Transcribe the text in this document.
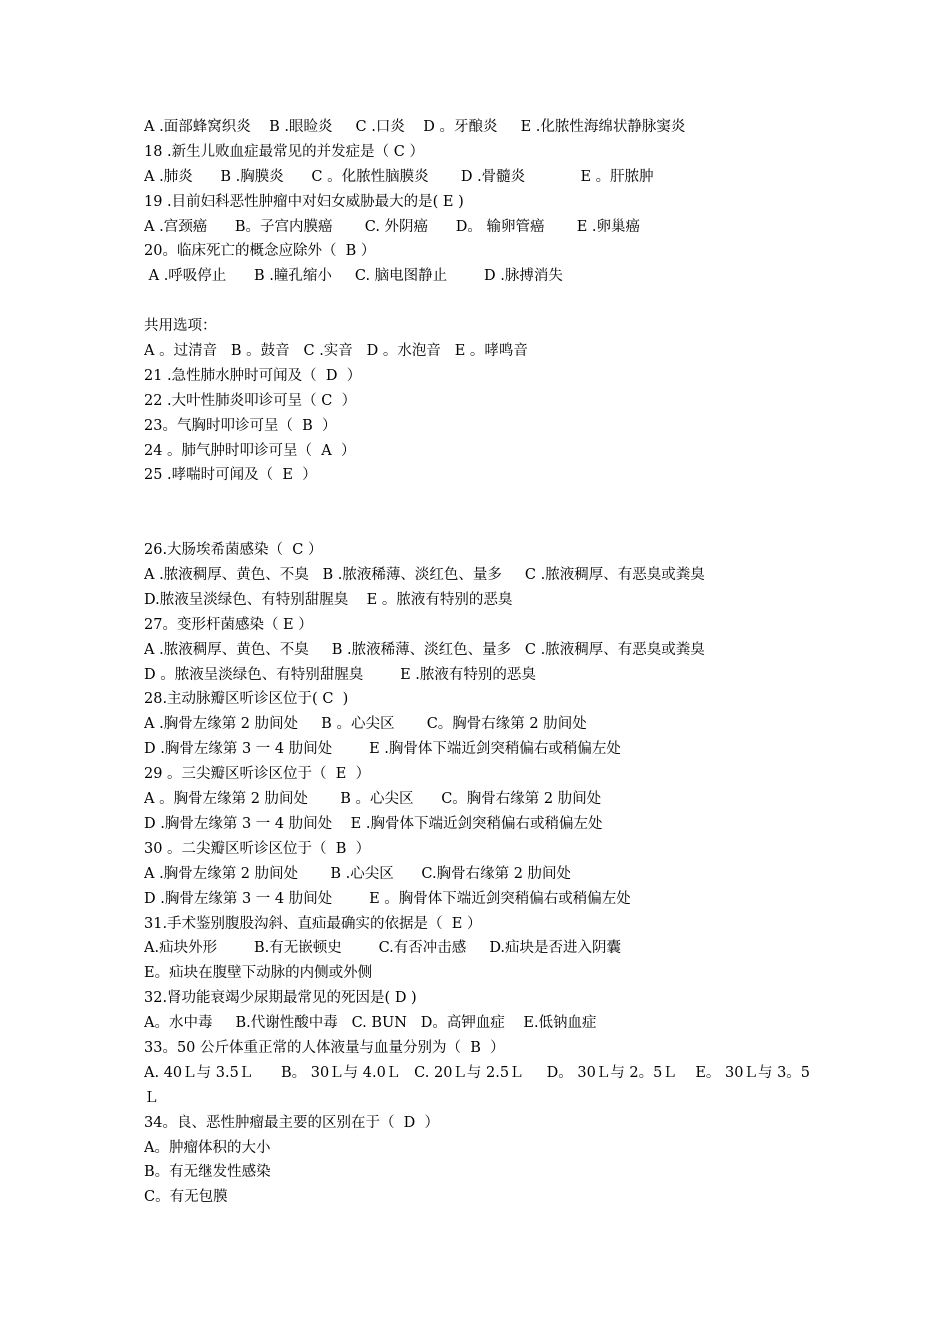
A .面部蜂窝织炎    B .眼睑炎     C .口炎    D 。牙酿炎     E .化脓性海绵状静脉窦炎
18 .新生儿败血症最常见的并发症是（ C ）
A .肺炎      B .胸膜炎      C 。化脓性脑膜炎       D .骨髓炎            E 。肝脓肿
19 .目前妇科恶性肿瘤中对妇女威胁最大的是( E )
A .宫颈癌      B。子宫内膜癌       C. 外阴癌      D。 输卵管癌       E .卵巢癌
20。临床死亡的概念应除外（  B ）
A .呼吸停止      B .瞳孔缩小     C. 脑电图静止        D .脉搏消失
共用选项：
A 。过清音   B 。鼓音   C .实音   D 。水泡音   E 。哮鸣音
21 .急性肺水肿时可闻及（  D  ）
22 .大叶性肺炎叩诊可呈（ C  ）
23。气胸时叩诊可呈（  B  ）
24 。肺气肿时叩诊可呈（  A  ）
25 .哮喘时可闻及（  E  ）
26.大肠埃希菌感染（  C ）
A .脓液稠厚、黄色、不臭   B .脓液稀薄、淡红色、量多     C .脓液稠厚、有恶臭或粪臭
D.脓液呈淡绿色、有特别甜腥臭    E 。脓液有特别的恶臭
27。变形杆菌感染（ E ）
A .脓液稠厚、黄色、不臭     B .脓液稀薄、淡红色、量多   C .脓液稠厚、有恶臭或粪臭
D 。脓液呈淡绿色、有特别甜腥臭        E .脓液有特别的恶臭
28.主动脉瓣区听诊区位于( C  )
A .胸骨左缘第 2 肋间处     B 。心尖区       C。胸骨右缘第 2 肋间处
D .胸骨左缘第 3 一 4 肋间处        E .胸骨体下端近剑突稍偏右或稍偏左处
29 。三尖瓣区听诊区位于（  E  ）
A 。胸骨左缘第 2 肋间处       B 。心尖区      C。胸骨右缘第 2 肋间处
D .胸骨左缘第 3 一 4 肋间处    E .胸骨体下端近剑突稍偏右或稍偏左处
30 。二尖瓣区听诊区位于（  B  ）
A .胸骨左缘第 2 肋间处       B .心尖区      C.胸骨右缘第 2 肋间处
D .胸骨左缘第 3 一 4 肋间处        E 。胸骨体下端近剑突稍偏右或稍偏左处
31.手术鉴别腹股沟斜、直疝最确实的依据是（  E ）
A.疝块外形        B.有无嵌顿史        C.有否冲击感     D.疝块是否进入阴囊
E。疝块在腹壁下动脉的内侧或外侧
32.肾功能衰竭少尿期最常见的死因是( D )
A。水中毒     B.代谢性酸中毒   C. BUN   D。高钾血症    E.低钠血症
33。50 公斤体重正常的人体液量与血量分别为（  B  ）
A. 40Ｌ与 3.5Ｌ      B。 30Ｌ与 4.0Ｌ   C. 20Ｌ与 2.5Ｌ     D。 30Ｌ与 2。5Ｌ    E。 30Ｌ与 3。5
Ｌ
34。良、恶性肿瘤最主要的区别在于（  D  ）
A。肿瘤体积的大小
B。有无继发性感染
C。有无包膜
